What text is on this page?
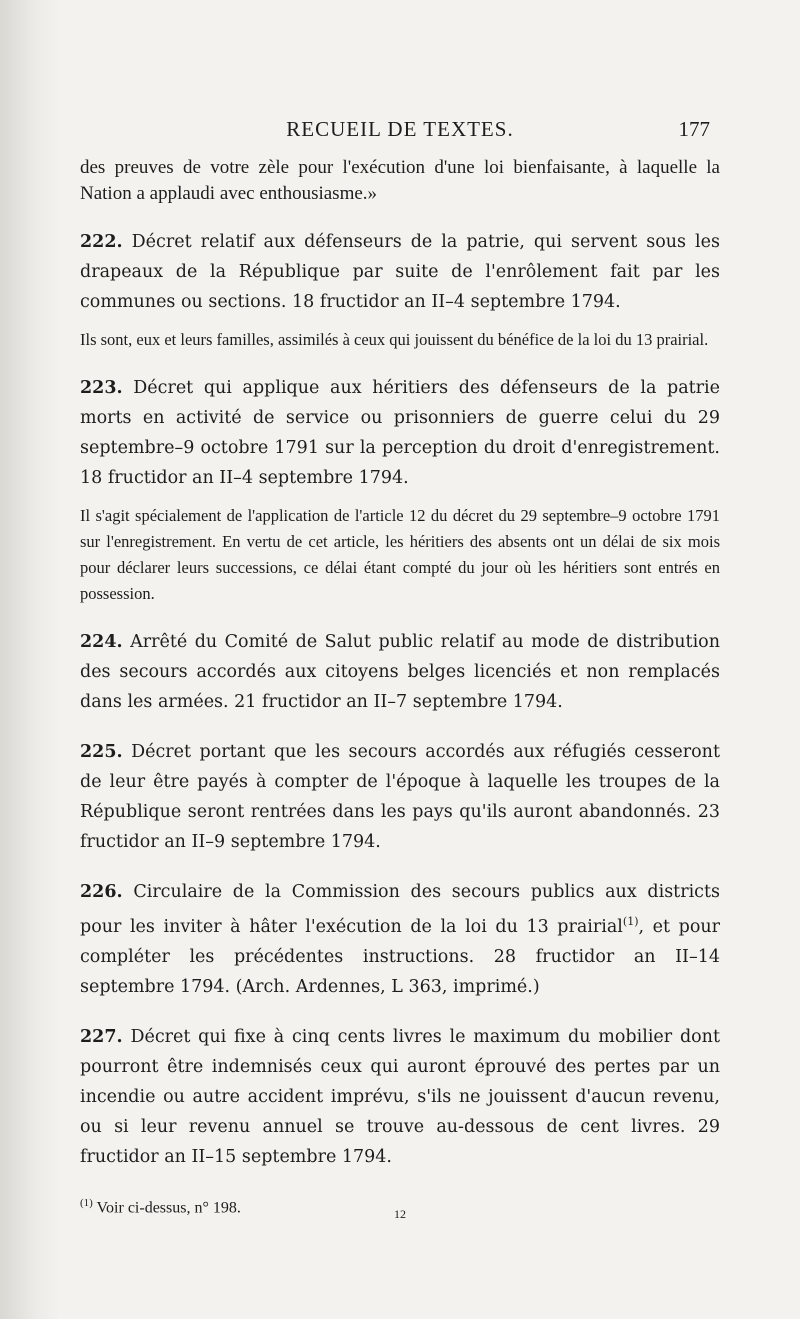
RECUEIL DE TEXTES.	177

des preuves de votre zèle pour l'exécution d'une loi bienfaisante, à laquelle la Nation a applaudi avec enthousiasme.»

222. Décret relatif aux défenseurs de la patrie, qui servent sous les drapeaux de la République par suite de l'enrôlement fait par les communes ou sections. 18 fructidor an II–4 septembre 1794.

Ils sont, eux et leurs familles, assimilés à ceux qui jouissent du bénéfice de la loi du 13 prairial.

223. Décret qui applique aux héritiers des défenseurs de la patrie morts en activité de service ou prisonniers de guerre celui du 29 septembre–9 octobre 1791 sur la perception du droit d'enregistrement. 18 fructidor an II–4 septembre 1794.

Il s'agit spécialement de l'application de l'article 12 du décret du 29 septembre–9 octobre 1791 sur l'enregistrement. En vertu de cet article, les héritiers des absents ont un délai de six mois pour déclarer leurs successions, ce délai étant compté du jour où les héritiers sont entrés en possession.

224. Arrêté du Comité de Salut public relatif au mode de distribution des secours accordés aux citoyens belges licenciés et non remplacés dans les armées. 21 fructidor an II–7 septembre 1794.

225. Décret portant que les secours accordés aux réfugiés cesseront de leur être payés à compter de l'époque à laquelle les troupes de la République seront rentrées dans les pays qu'ils auront abandonnés. 23 fructidor an II–9 septembre 1794.

226. Circulaire de la Commission des secours publics aux districts pour les inviter à hâter l'exécution de la loi du 13 prairial$^{(1)}$, et pour compléter les précédentes instructions. 28 fructidor an II–14 septembre 1794. (Arch. Ardennes, L 363, imprimé.)

227. Décret qui fixe à cinq cents livres le maximum du mobilier dont pourront être indemnisés ceux qui auront éprouvé des pertes par un incendie ou autre accident imprévu, s'ils ne jouissent d'aucun revenu, ou si leur revenu annuel se trouve au-dessous de cent livres. 29 fructidor an II–15 septembre 1794.

$^{(1)}$ Voir ci-dessus, n° 198.	12
